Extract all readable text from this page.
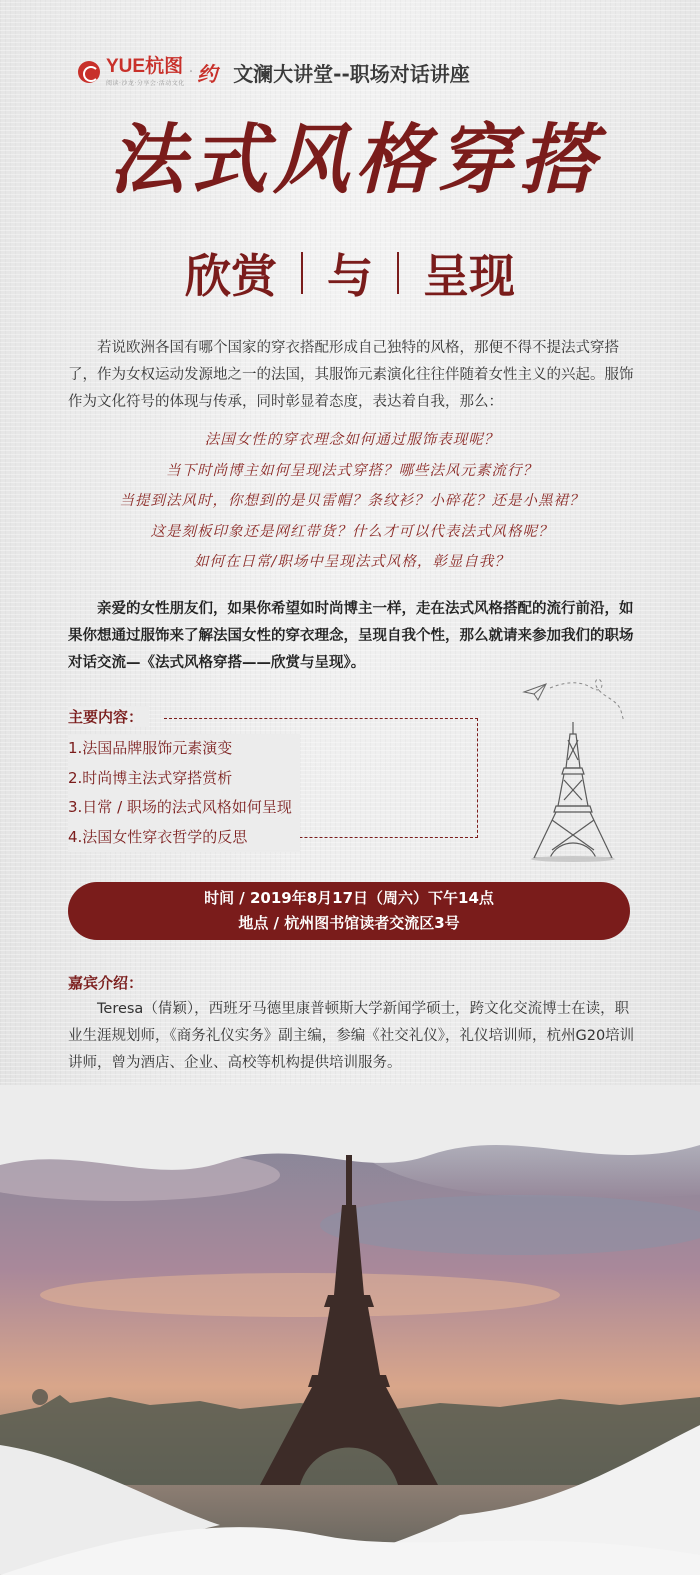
YUE杭图
阅读·沙龙·分享会·活动文化
· 约 文澜大讲堂--职场对话讲座
法式风格穿搭
欣赏 与 呈现

若说欧洲各国有哪个国家的穿衣搭配形成自己独特的风格，那便不得不提法式穿搭了，作为女权运动发源地之一的法国，其服饰元素演化往往伴随着女性主义的兴起。服饰作为文化符号的体现与传承，同时彰显着态度，表达着自我，那么：

法国女性的穿衣理念如何通过服饰表现呢？
当下时尚博主如何呈现法式穿搭？哪些法风元素流行？
当提到法风时，你想到的是贝雷帽？条纹衫？小碎花？还是小黑裙？
这是刻板印象还是网红带货？什么才可以代表法式风格呢？
如何在日常/职场中呈现法式风格，彰显自我？

亲爱的女性朋友们，如果你希望如时尚博主一样，走在法式风格搭配的流行前沿，如果你想通过服饰来了解法国女性的穿衣理念，呈现自我个性，那么就请来参加我们的职场对话交流—《法式风格穿搭——欣赏与呈现》。

主要内容：
1.法国品牌服饰元素演变
2.时尚博主法式穿搭赏析
3.日常 / 职场的法式风格如何呈现
4.法国女性穿衣哲学的反思
时间 / 2019年8月17日（周六）下午14点
地点 / 杭州图书馆读者交流区3号
嘉宾介绍：

Teresa（倩颖），西班牙马德里康普顿斯大学新闻学硕士，跨文化交流博士在读，职业生涯规划师，《商务礼仪实务》副主编，参编《社交礼仪》，礼仪培训师，杭州G20培训讲师，曾为酒店、企业、高校等机构提供培训服务。
